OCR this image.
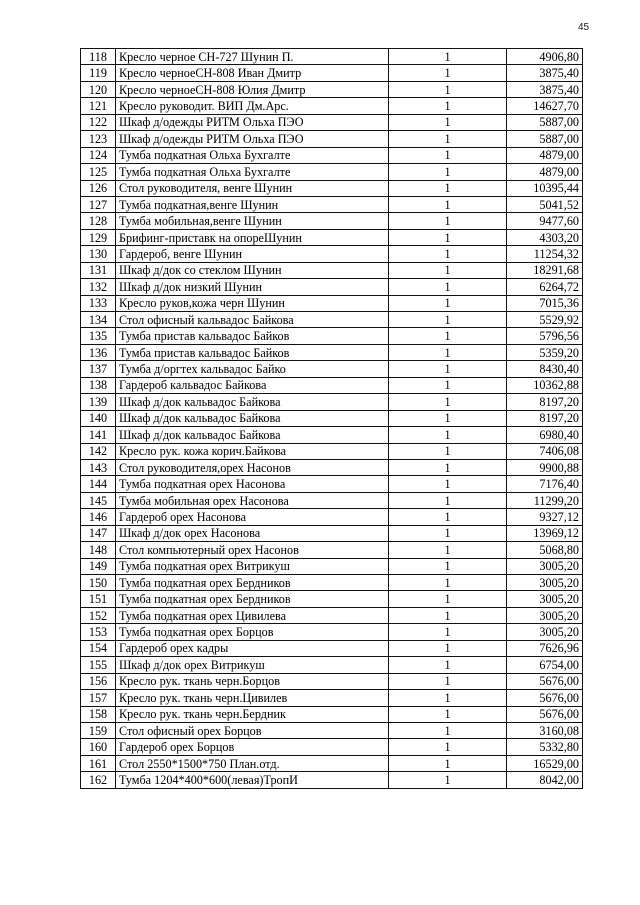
45
118	Кресло черное СН-727 Шунин П.	1	4906,80
119	Кресло черноеСН-808 Иван Дмитр	1	3875,40
120	Кресло черноеСН-808 Юлия Дмитр	1	3875,40
121	Кресло руководит. ВИП Дм.Арс.	1	14627,70
122	Шкаф д/одежды РИТМ Ольха ПЭО	1	5887,00
123	Шкаф д/одежды РИТМ Ольха ПЭО	1	5887,00
124	Тумба подкатная Ольха Бухгалте	1	4879,00
125	Тумба подкатная Ольха Бухгалте	1	4879,00
126	Стол руководителя, венге Шунин	1	10395,44
127	Тумба подкатная,венге Шунин	1	5041,52
128	Тумба мобильная,венге Шунин	1	9477,60
129	Брифинг-приставк на опореШунин	1	4303,20
130	Гардероб, венге Шунин	1	11254,32
131	Шкаф д/док со стеклом Шунин	1	18291,68
132	Шкаф д/док низкий Шунин	1	6264,72
133	Кресло руков,кожа черн Шунин	1	7015,36
134	Стол офисный кальвадос Байкова	1	5529,92
135	Тумба пристав кальвадос Байков	1	5796,56
136	Тумба пристав кальвадос Байков	1	5359,20
137	Тумба д/оргтех кальвадос Байко	1	8430,40
138	Гардероб кальвадос Байкова	1	10362,88
139	Шкаф д/док кальвадос Байкова	1	8197,20
140	Шкаф д/док кальвадос Байкова	1	8197,20
141	Шкаф д/док кальвадос Байкова	1	6980,40
142	Кресло рук. кожа корич.Байкова	1	7406,08
143	Стол руководителя,орех Насонов	1	9900,88
144	Тумба подкатная орех Насонова	1	7176,40
145	Тумба мобильная орех Насонова	1	11299,20
146	Гардероб орех Насонова	1	9327,12
147	Шкаф д/док орех Насонова	1	13969,12
148	Стол компьютерный орех Насонов	1	5068,80
149	Тумба подкатная орех Витрикуш	1	3005,20
150	Тумба подкатная орех Бердников	1	3005,20
151	Тумба подкатная орех Бердников	1	3005,20
152	Тумба подкатная орех Цивилева	1	3005,20
153	Тумба подкатная орех Борцов	1	3005,20
154	Гардероб орех кадры	1	7626,96
155	Шкаф д/док орех Витрикуш	1	6754,00
156	Кресло рук. ткань черн.Борцов	1	5676,00
157	Кресло рук. ткань черн.Цивилев	1	5676,00
158	Кресло рук. ткань черн.Бердник	1	5676,00
159	Стол офисный орех Борцов	1	3160,08
160	Гардероб орех Борцов	1	5332,80
161	Стол 2550*1500*750 План.отд.	1	16529,00
162	Тумба 1204*400*600(левая)ТропИ	1	8042,00
